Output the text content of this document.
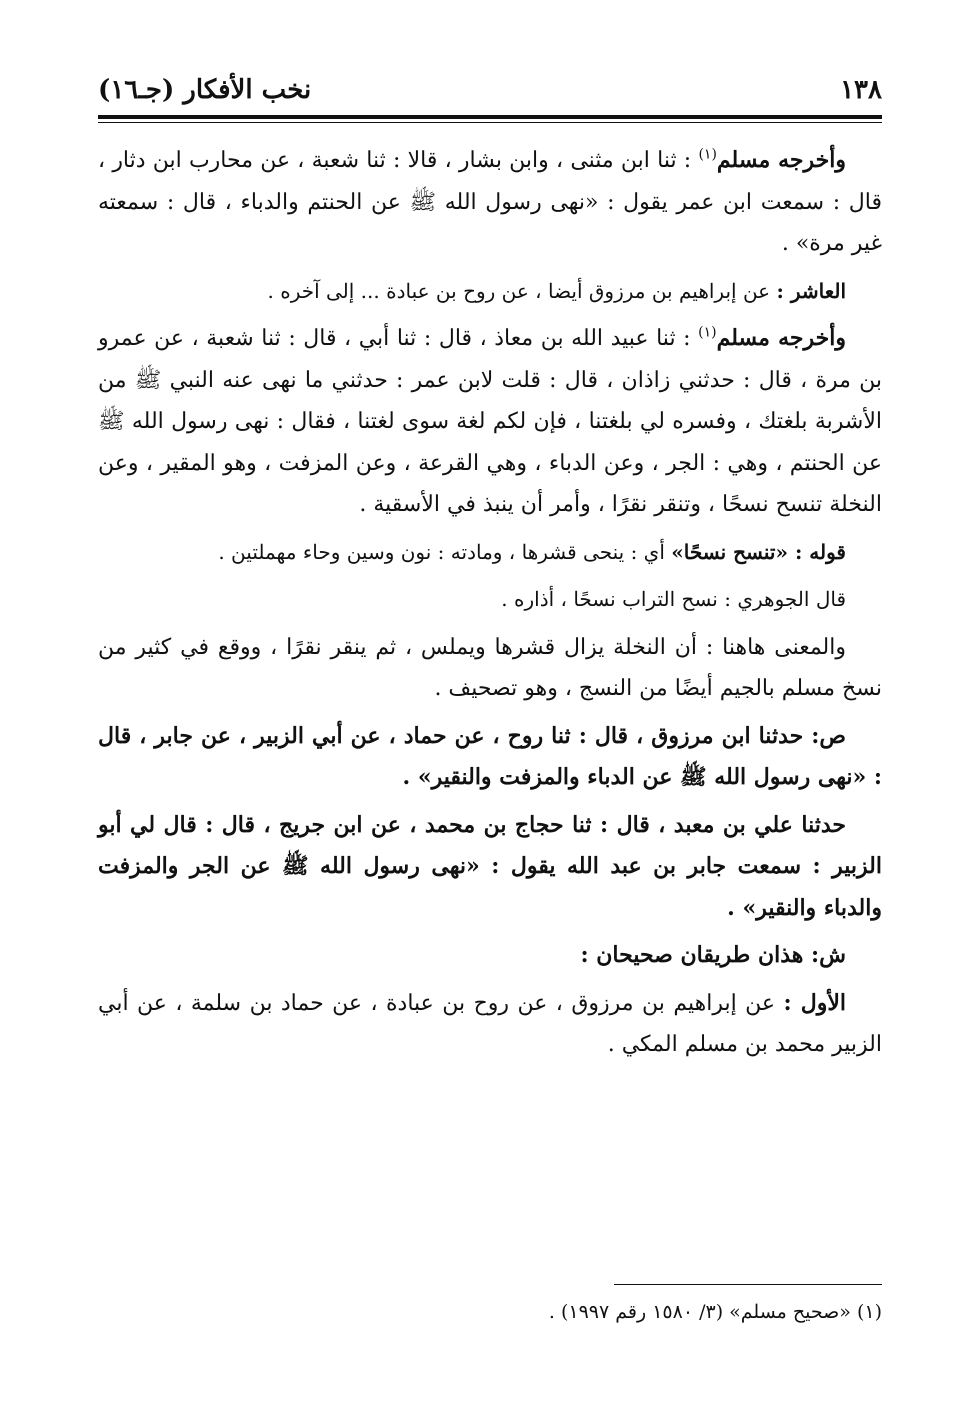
١٣٨
نخب الأفكار (جـ١٦)

وأخرجه مسلم$^{(١)}$ : ثنا ابن مثنى ، وابن بشار ، قالا : ثنا شعبة ، عن محارب ابن دثار ، قال : سمعت ابن عمر يقول : «نهى رسول الله ﷺ عن الحنتم والدباء ، قال : سمعته غير مرة» .

العاشر : عن إبراهيم بن مرزوق أيضا ، عن روح بن عبادة ... إلى آخره .

وأخرجه مسلم$^{(١)}$ : ثنا عبيد الله بن معاذ ، قال : ثنا أبي ، قال : ثنا شعبة ، عن عمرو بن مرة ، قال : حدثني زاذان ، قال : قلت لابن عمر : حدثني ما نهى عنه النبي ﷺ من الأشربة بلغتك ، وفسره لي بلغتنا ، فإن لكم لغة سوى لغتنا ، فقال : نهى رسول الله ﷺ عن الحنتم ، وهي : الجر ، وعن الدباء ، وهي القرعة ، وعن المزفت ، وهو المقير ، وعن النخلة تنسح نسحًا ، وتنقر نقرًا ، وأمر أن ينبذ في الأسقية .

قوله : «تنسح نسحًا» أي : ينحى قشرها ، ومادته : نون وسين وحاء مهملتين .

قال الجوهري : نسح التراب نسحًا ، أذاره .

والمعنى هاهنا : أن النخلة يزال قشرها ويملس ، ثم ينقر نقرًا ، ووقع في كثير من نسخ مسلم بالجيم أيضًا من النسج ، وهو تصحيف .

ص: حدثنا ابن مرزوق ، قال : ثنا روح ، عن حماد ، عن أبي الزبير ، عن جابر ، قال : «نهى رسول الله ﷺ عن الدباء والمزفت والنقير» .

حدثنا علي بن معبد ، قال : ثنا حجاج بن محمد ، عن ابن جريج ، قال : قال لي أبو الزبير : سمعت جابر بن عبد الله يقول : «نهى رسول الله ﷺ عن الجر والمزفت والدباء والنقير» .

ش: هذان طريقان صحيحان :

الأول : عن إبراهيم بن مرزوق ، عن روح بن عبادة ، عن حماد بن سلمة ، عن أبي الزبير محمد بن مسلم المكي .

(١) «صحيح مسلم» (٣/ ١٥٨٠ رقم ١٩٩٧) .
